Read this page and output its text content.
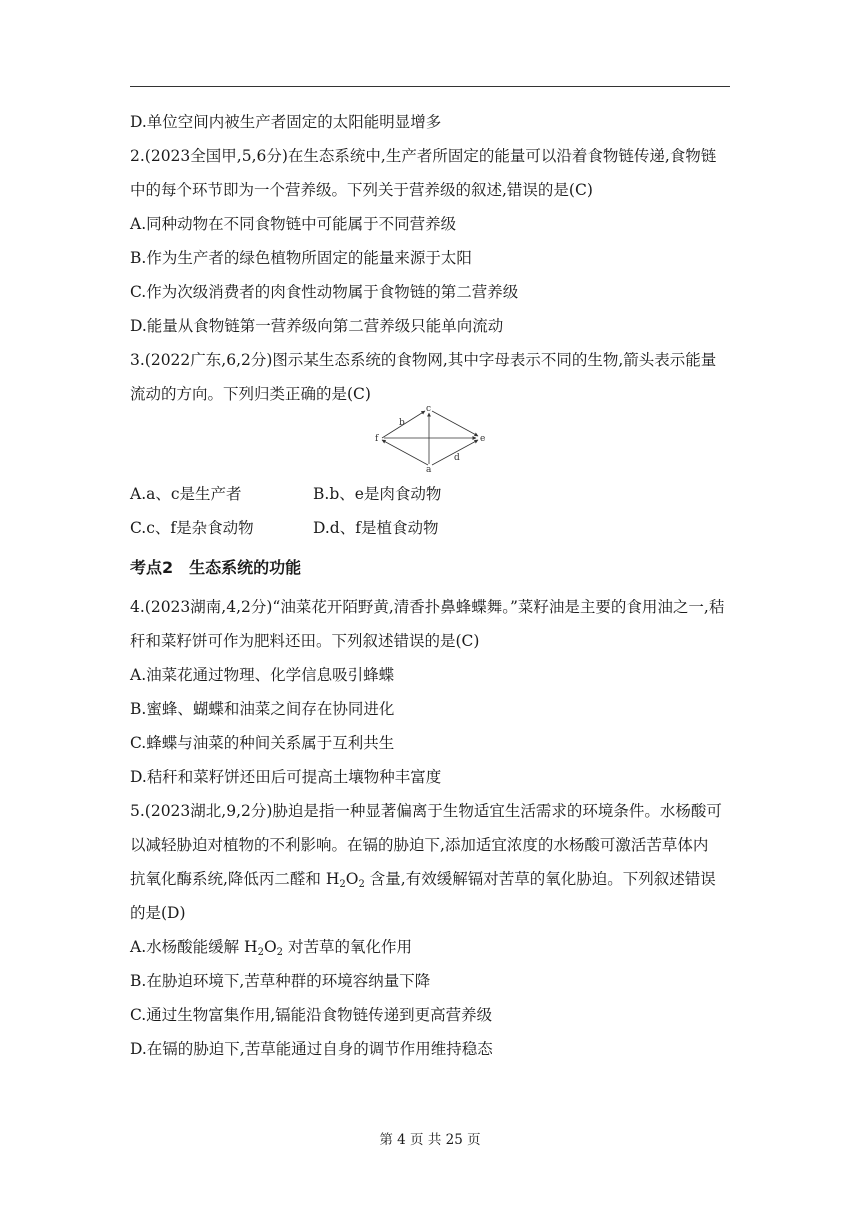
D.单位空间内被生产者固定的太阳能明显增多
2.(2023全国甲,5,6分)在生态系统中,生产者所固定的能量可以沿着食物链传递,食物链
中的每个环节即为一个营养级。下列关于营养级的叙述,错误的是(C)
A.同种动物在不同食物链中可能属于不同营养级
B.作为生产者的绿色植物所固定的能量来源于太阳
C.作为次级消费者的肉食性动物属于食物链的第二营养级
D.能量从食物链第一营养级向第二营养级只能单向流动
3.(2022广东,6,2分)图示某生态系统的食物网,其中字母表示不同的生物,箭头表示能量
流动的方向。下列归类正确的是(C)
c
f	e
a
b
d
A.a、c是生产者	B.b、e是肉食动物
C.c、f是杂食动物	D.d、f是植食动物
考点2　生态系统的功能
4.(2023湖南,4,2分)“油菜花开陌野黄,清香扑鼻蜂蝶舞。”菜籽油是主要的食用油之一,秸
秆和菜籽饼可作为肥料还田。下列叙述错误的是(C)
A.油菜花通过物理、化学信息吸引蜂蝶
B.蜜蜂、蝴蝶和油菜之间存在协同进化
C.蜂蝶与油菜的种间关系属于互利共生
D.秸秆和菜籽饼还田后可提高土壤物种丰富度
5.(2023湖北,9,2分)胁迫是指一种显著偏离于生物适宜生活需求的环境条件。水杨酸可
以减轻胁迫对植物的不利影响。在镉的胁迫下,添加适宜浓度的水杨酸可激活苦草体内
抗氧化酶系统,降低丙二醛和 $H_2O_2$ 含量,有效缓解镉对苦草的氧化胁迫。下列叙述错误
的是(D)
A.水杨酸能缓解 $H_2O_2$ 对苦草的氧化作用
B.在胁迫环境下,苦草种群的环境容纳量下降
C.通过生物富集作用,镉能沿食物链传递到更高营养级
D.在镉的胁迫下,苦草能通过自身的调节作用维持稳态
第 4 页 共 25 页
